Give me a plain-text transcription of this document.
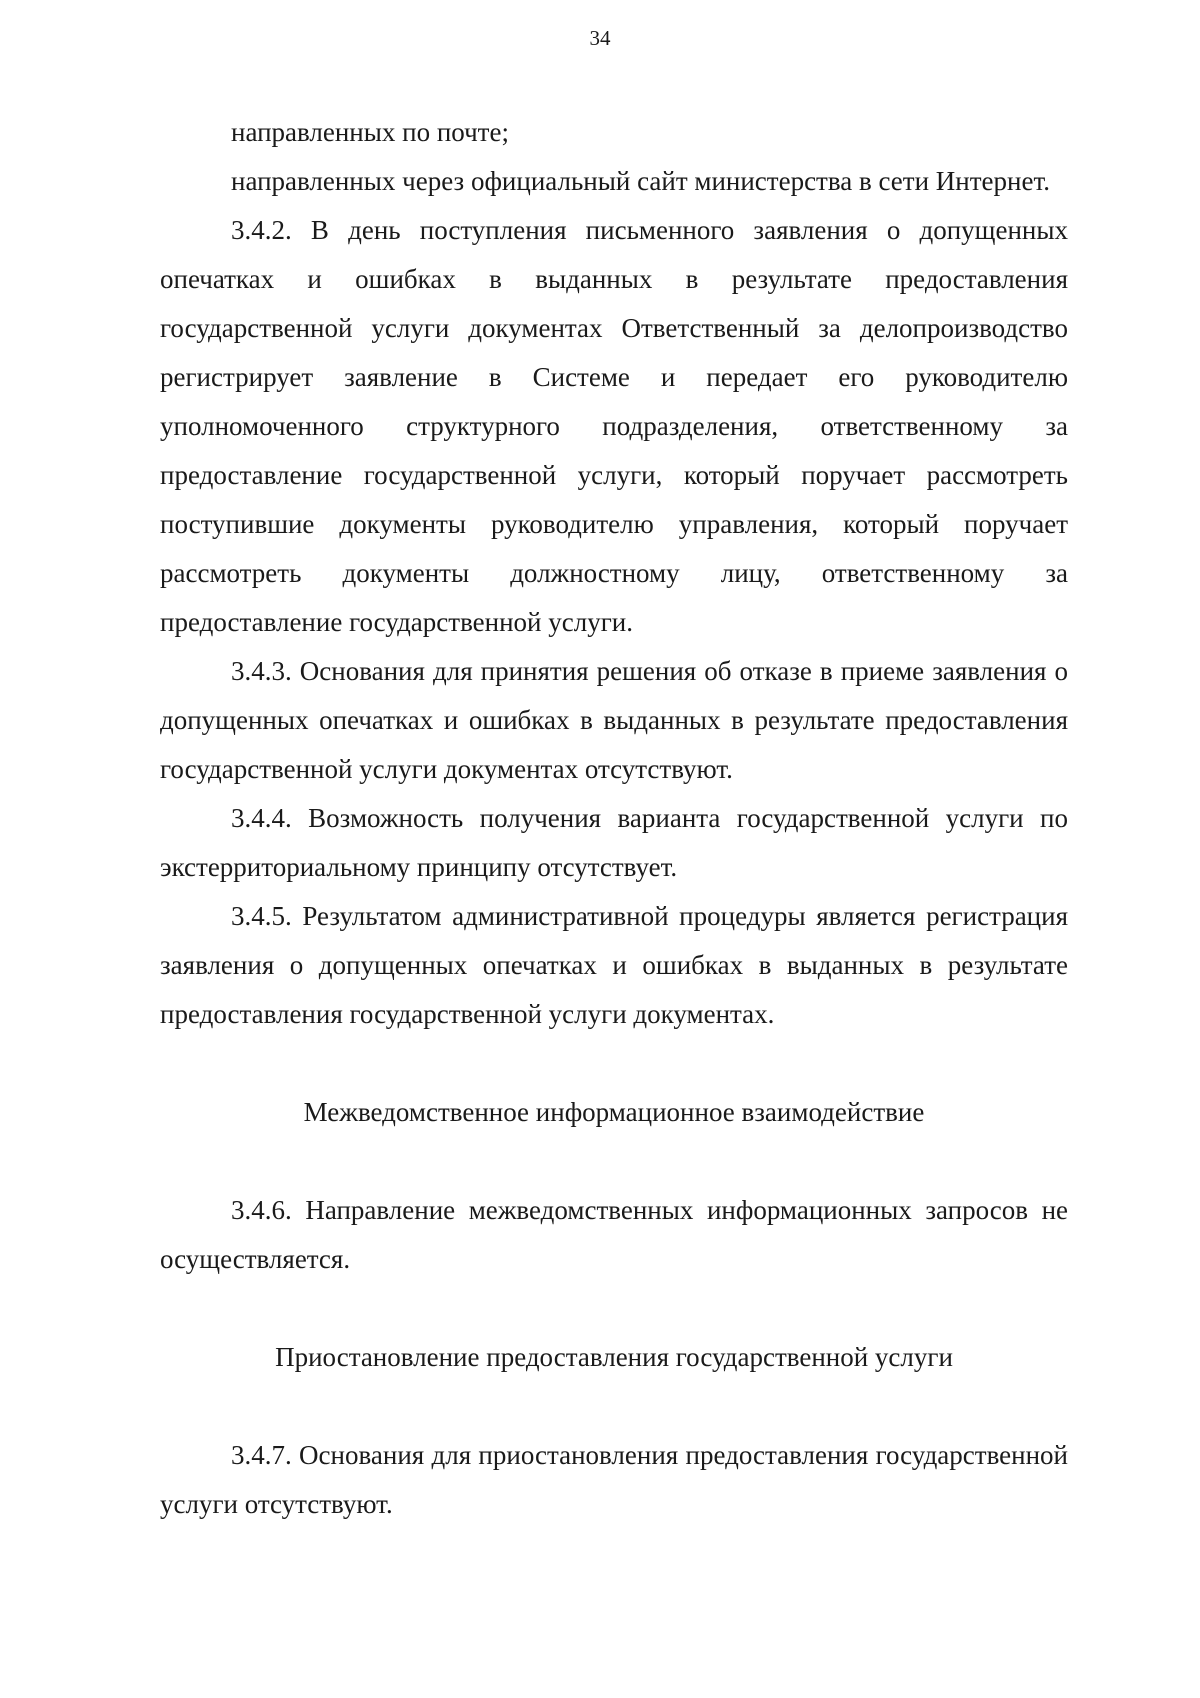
34

направленных по почте;

направленных через официальный сайт министерства в сети Интернет.

3.4.2. В день поступления письменного заявления о допущенных опечатках и ошибках в выданных в результате предоставления государственной услуги документах Ответственный за делопроизводство регистрирует заявление в Системе и передает его руководителю уполномоченного структурного подразделения, ответственному за предоставление государственной услуги, который поручает рассмотреть поступившие документы руководителю управления, который поручает рассмотреть документы должностному лицу, ответственному за предоставление государственной услуги.

3.4.3. Основания для принятия решения об отказе в приеме заявления о допущенных опечатках и ошибках в выданных в результате предоставления государственной услуги документах отсутствуют.

3.4.4. Возможность получения варианта государственной услуги по экстерриториальному принципу отсутствует.

3.4.5. Результатом административной процедуры является регистрация заявления о допущенных опечатках и ошибках в выданных в результате предоставления государственной услуги документах.

Межведомственное информационное взаимодействие

3.4.6. Направление межведомственных информационных запросов не осуществляется.

Приостановление предоставления государственной услуги

3.4.7. Основания для приостановления предоставления государственной услуги отсутствуют.
